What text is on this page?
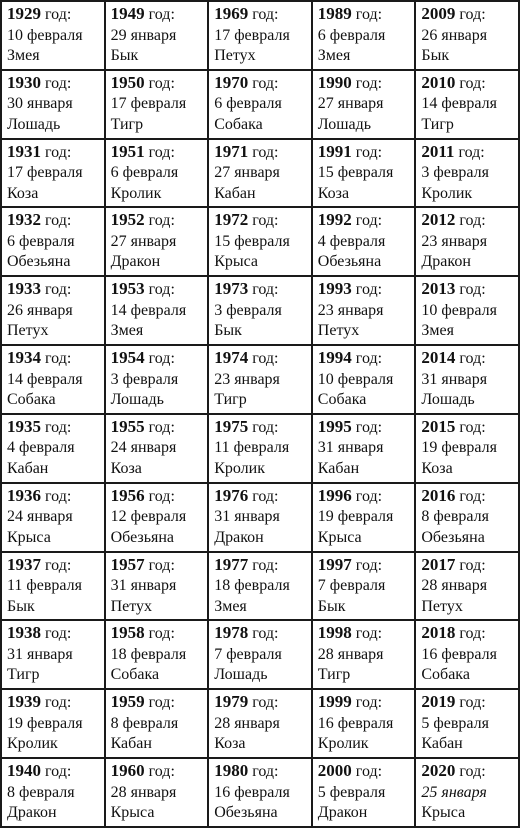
1929 год:
10 февраля
Змея	1949 год:
29 января
Бык	1969 год:
17 февраля
Петух	1989 год:
6 февраля
Змея	2009 год:
26 января
Бык

1930 год:
30 января
Лошадь	1950 год:
17 февраля
Тигр	1970 год:
6 февраля
Собака	1990 год:
27 января
Лошадь	2010 год:
14 февраля
Тигр

1931 год:
17 февраля
Коза	1951 год:
6 февраля
Кролик	1971 год:
27 января
Кабан	1991 год:
15 февраля
Коза	2011 год:
3 февраля
Кролик

1932 год:
6 февраля
Обезьяна	1952 год:
27 января
Дракон	1972 год:
15 февраля
Крыса	1992 год:
4 февраля
Обезьяна	2012 год:
23 января
Дракон

1933 год:
26 января
Петух	1953 год:
14 февраля
Змея	1973 год:
3 февраля
Бык	1993 год:
23 января
Петух	2013 год:
10 февраля
Змея

1934 год:
14 февраля
Собака	1954 год:
3 февраля
Лошадь	1974 год:
23 января
Тигр	1994 год:
10 февраля
Собака	2014 год:
31 января
Лошадь

1935 год:
4 февраля
Кабан	1955 год:
24 января
Коза	1975 год:
11 февраля
Кролик	1995 год:
31 января
Кабан	2015 год:
19 февраля
Коза

1936 год:
24 января
Крыса	1956 год:
12 февраля
Обезьяна	1976 год:
31 января
Дракон	1996 год:
19 февраля
Крыса	2016 год:
8 февраля
Обезьяна

1937 год:
11 февраля
Бык	1957 год:
31 января
Петух	1977 год:
18 февраля
Змея	1997 год:
7 февраля
Бык	2017 год:
28 января
Петух

1938 год:
31 января
Тигр	1958 год:
18 февраля
Собака	1978 год:
7 февраля
Лошадь	1998 год:
28 января
Тигр	2018 год:
16 февраля
Собака

1939 год:
19 февраля
Кролик	1959 год:
8 февраля
Кабан	1979 год:
28 января
Коза	1999 год:
16 февраля
Кролик	2019 год:
5 февраля
Кабан

1940 год:
8 февраля
Дракон	1960 год:
28 января
Крыса	1980 год:
16 февраля
Обезьяна	2000 год:
5 февраля
Дракон	2020 год:
25 января
Крыса
